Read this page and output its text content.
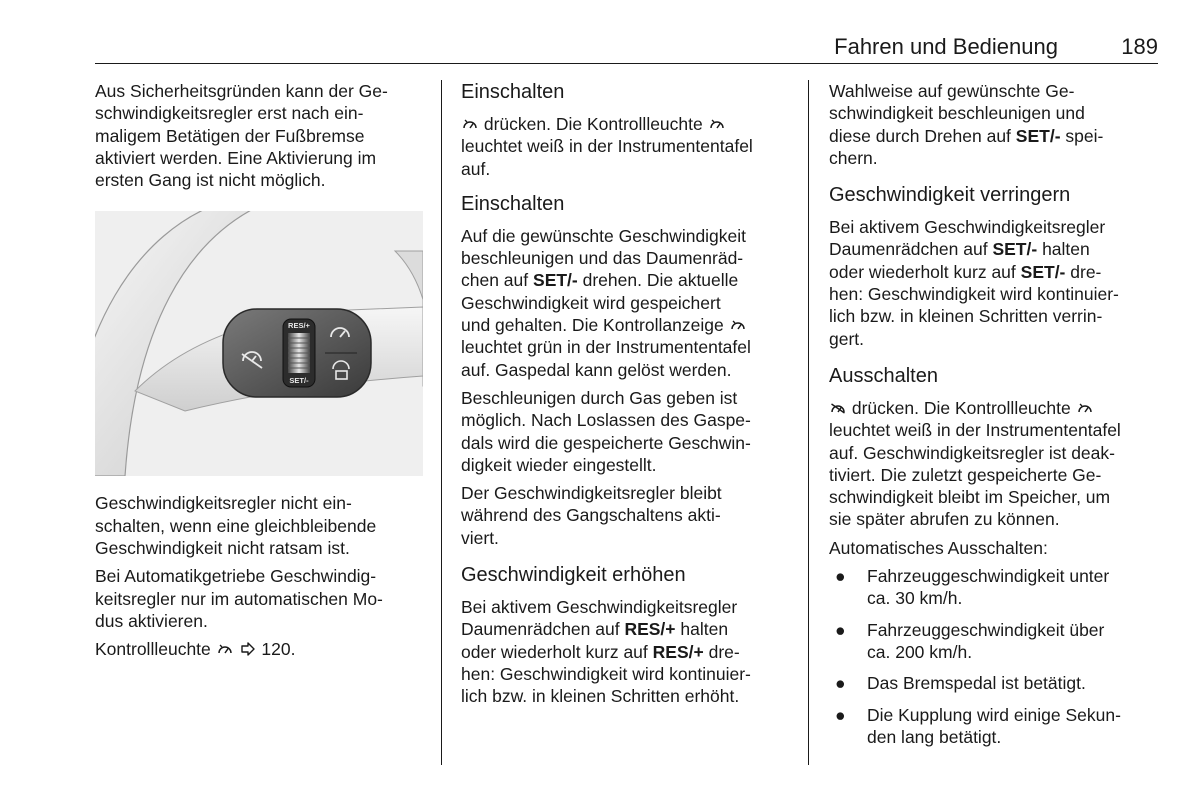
Fahren und Bedienung	189

Aus Sicherheitsgründen kann der Ge-
schwindigkeitsregler erst nach ein-
maligem Betätigen der Fußbremse
aktiviert werden. Eine Aktivierung im
ersten Gang ist nicht möglich.

RES/+
SET/-

Geschwindigkeitsregler nicht ein-
schalten, wenn eine gleichbleibende
Geschwindigkeit nicht ratsam ist.

Bei Automatikgetriebe Geschwindig-
keitsregler nur im automatischen Mo-
dus aktivieren.

Kontrollleuchte
	120.

Einschalten

drücken. Die Kontrollleuchte
leuchtet weiß in der Instrumententafel
auf.

Einschalten

Auf die gewünschte Geschwindigkeit
beschleunigen und das Daumenräd-
chen auf SET/- drehen. Die aktuelle
Geschwindigkeit wird gespeichert
und gehalten. Die Kontrollanzeige
leuchtet grün in der Instrumententafel
auf. Gaspedal kann gelöst werden.

Beschleunigen durch Gas geben ist
möglich. Nach Loslassen des Gaspe-
dals wird die gespeicherte Geschwin-
digkeit wieder eingestellt.

Der Geschwindigkeitsregler bleibt
während des Gangschaltens akti-
viert.

Geschwindigkeit erhöhen

Bei aktivem Geschwindigkeitsregler
Daumenrädchen auf RES/+ halten
oder wiederholt kurz auf RES/+ dre-
hen: Geschwindigkeit wird kontinuier-
lich bzw. in kleinen Schritten erhöht.

Wahlweise auf gewünschte Ge-
schwindigkeit beschleunigen und
diese durch Drehen auf SET/- spei-
chern.

Geschwindigkeit verringern

Bei aktivem Geschwindigkeitsregler
Daumenrädchen auf SET/- halten
oder wiederholt kurz auf SET/- dre-
hen: Geschwindigkeit wird kontinuier-
lich bzw. in kleinen Schritten verrin-
gert.

Ausschalten

drücken. Die Kontrollleuchte
leuchtet weiß in der Instrumententafel
auf. Geschwindigkeitsregler ist deak-
tiviert. Die zuletzt gespeicherte Ge-
schwindigkeit bleibt im Speicher, um
sie später abrufen zu können.

Automatisches Ausschalten:

● Fahrzeuggeschwindigkeit unter
ca. 30 km/h.
● Fahrzeuggeschwindigkeit über
ca. 200 km/h.
● Das Bremspedal ist betätigt.
● Die Kupplung wird einige Sekun-
den lang betätigt.
